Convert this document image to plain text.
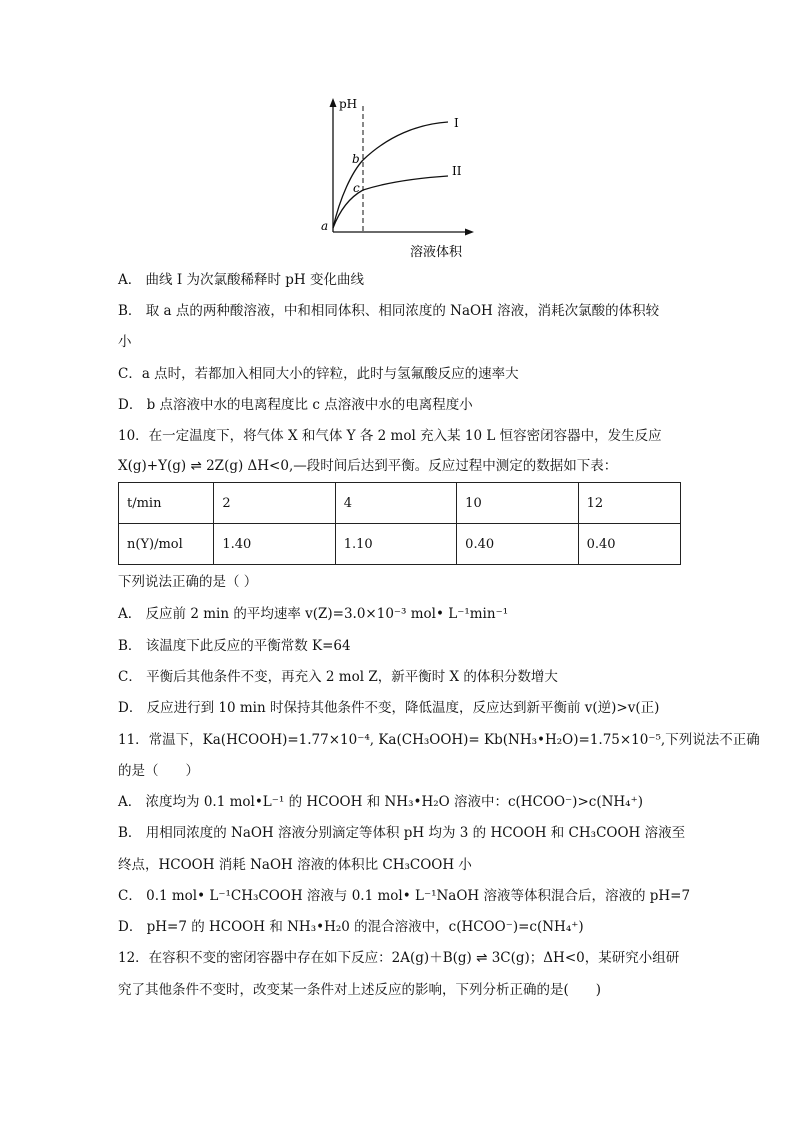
pH
溶液体积
I
II
a
b
c
A． 曲线 I 为次氯酸稀释时 pH 变化曲线
B． 取 a 点的两种酸溶液，中和相同体积、相同浓度的 NaOH 溶液，消耗次氯酸的体积较
小
C．a 点时，若都加入相同大小的锌粒，此时与氢氟酸反应的速率大
D． b 点溶液中水的电离程度比 c 点溶液中水的电离程度小
10．在一定温度下，将气体 X 和气体 Y 各 2 mol 充入某 10 L 恒容密闭容器中，发生反应
X(g)+Y(g) ⇌ 2Z(g) ΔH<0,—段时间后达到平衡。反应过程中测定的数据如下表：
t/min	2	4	10	12
n(Y)/mol	1.40	1.10	0.40	0.40
下列说法正确的是（ ）
A． 反应前 2 min 的平均速率 v(Z)=3.0×10⁻³ mol• L⁻¹min⁻¹
B． 该温度下此反应的平衡常数 K=64
C． 平衡后其他条件不变，再充入 2 mol Z，新平衡时 X 的体积分数增大
D． 反应进行到 10 min 时保持其他条件不变，降低温度，反应达到新平衡前 v(逆)>v(正)
11．常温下，Ka(HCOOH)=1.77×10⁻⁴, Ka(CH₃OOH)= Kb(NH₃•H₂O)=1.75×10⁻⁵,下列说法不正确
的是（　　）
A． 浓度均为 0.1 mol•L⁻¹ 的 HCOOH 和 NH₃•H₂O 溶液中：c(HCOO⁻)>c(NH₄⁺)
B． 用相同浓度的 NaOH 溶液分别滴定等体积 pH 均为 3 的 HCOOH 和 CH₃COOH 溶液至
终点，HCOOH 消耗 NaOH 溶液的体积比 CH₃COOH 小
C． 0.1 mol• L⁻¹CH₃COOH 溶液与 0.1 mol• L⁻¹NaOH 溶液等体积混合后，溶液的 pH=7
D． pH=7 的 HCOOH 和 NH₃•H₂0 的混合溶液中，c(HCOO⁻)=c(NH₄⁺)
12．在容积不变的密闭容器中存在如下反应：2A(g)＋B(g) ⇌ 3C(g)；ΔH<0，某研究小组研
究了其他条件不变时，改变某一条件对上述反应的影响，下列分析正确的是(　　)
